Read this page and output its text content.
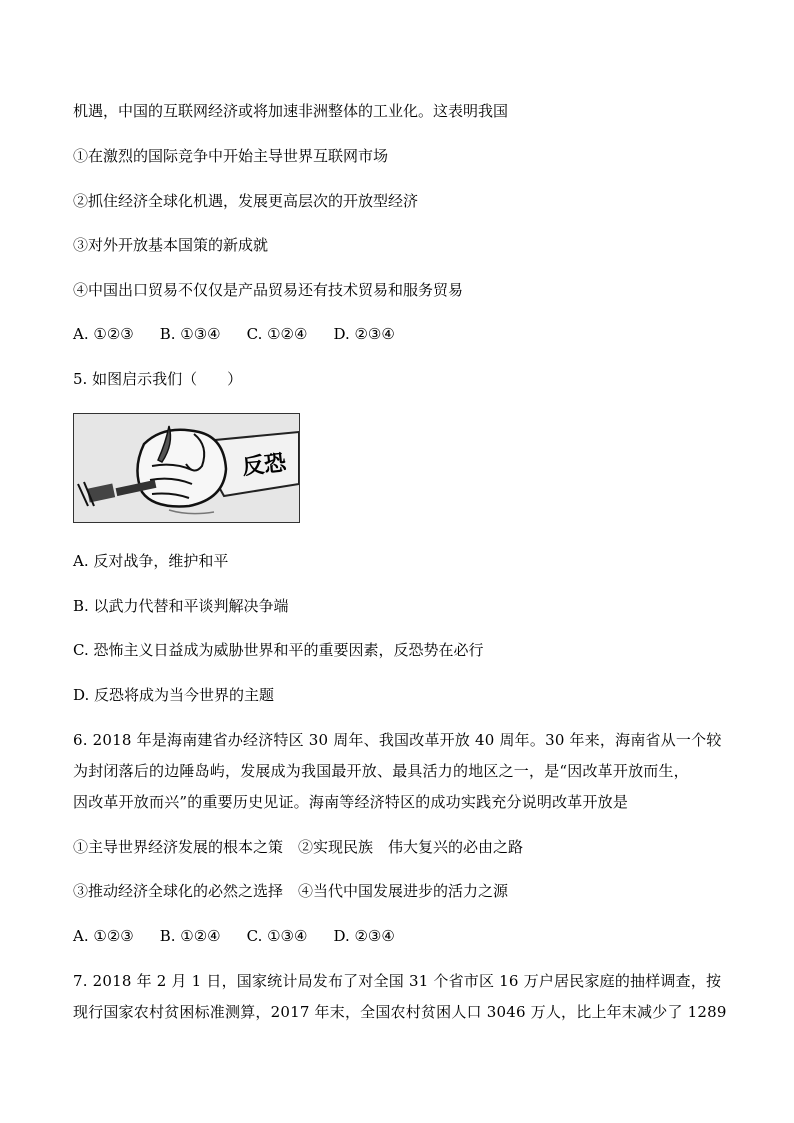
机遇，中国的互联网经济或将加速非洲整体的工业化。这表明我国
①在激烈的国际竞争中开始主导世界互联网市场
②抓住经济全球化机遇，发展更高层次的开放型经济
③对外开放基本国策的新成就
④中国出口贸易不仅仅是产品贸易还有技术贸易和服务贸易
A. ①②③ B. ①③④ C. ①②④ D. ②③④
5. 如图启示我们（　　）
反恐
A. 反对战争，维护和平
B. 以武力代替和平谈判解决争端
C. 恐怖主义日益成为威胁世界和平的重要因素，反恐势在必行
D. 反恐将成为当今世界的主题
6. 2018 年是海南建省办经济特区 30 周年、我国改革开放 40 周年。30 年来，海南省从一个较
为封闭落后的边陲岛屿，发展成为我国最开放、最具活力的地区之一，是“因改革开放而生，
因改革开放而兴”的重要历史见证。海南等经济特区的成功实践充分说明改革开放是
①主导世界经济发展的根本之策　②实现民族　伟大复兴的必由之路
③推动经济全球化的必然之选择　④当代中国发展进步的活力之源
A. ①②③ B. ①②④ C. ①③④ D. ②③④
7. 2018 年 2 月 1 日，国家统计局发布了对全国 31 个省市区 16 万户居民家庭的抽样调查，按
现行国家农村贫困标准测算，2017 年末，全国农村贫困人口 3046 万人，比上年末减少了 1289
